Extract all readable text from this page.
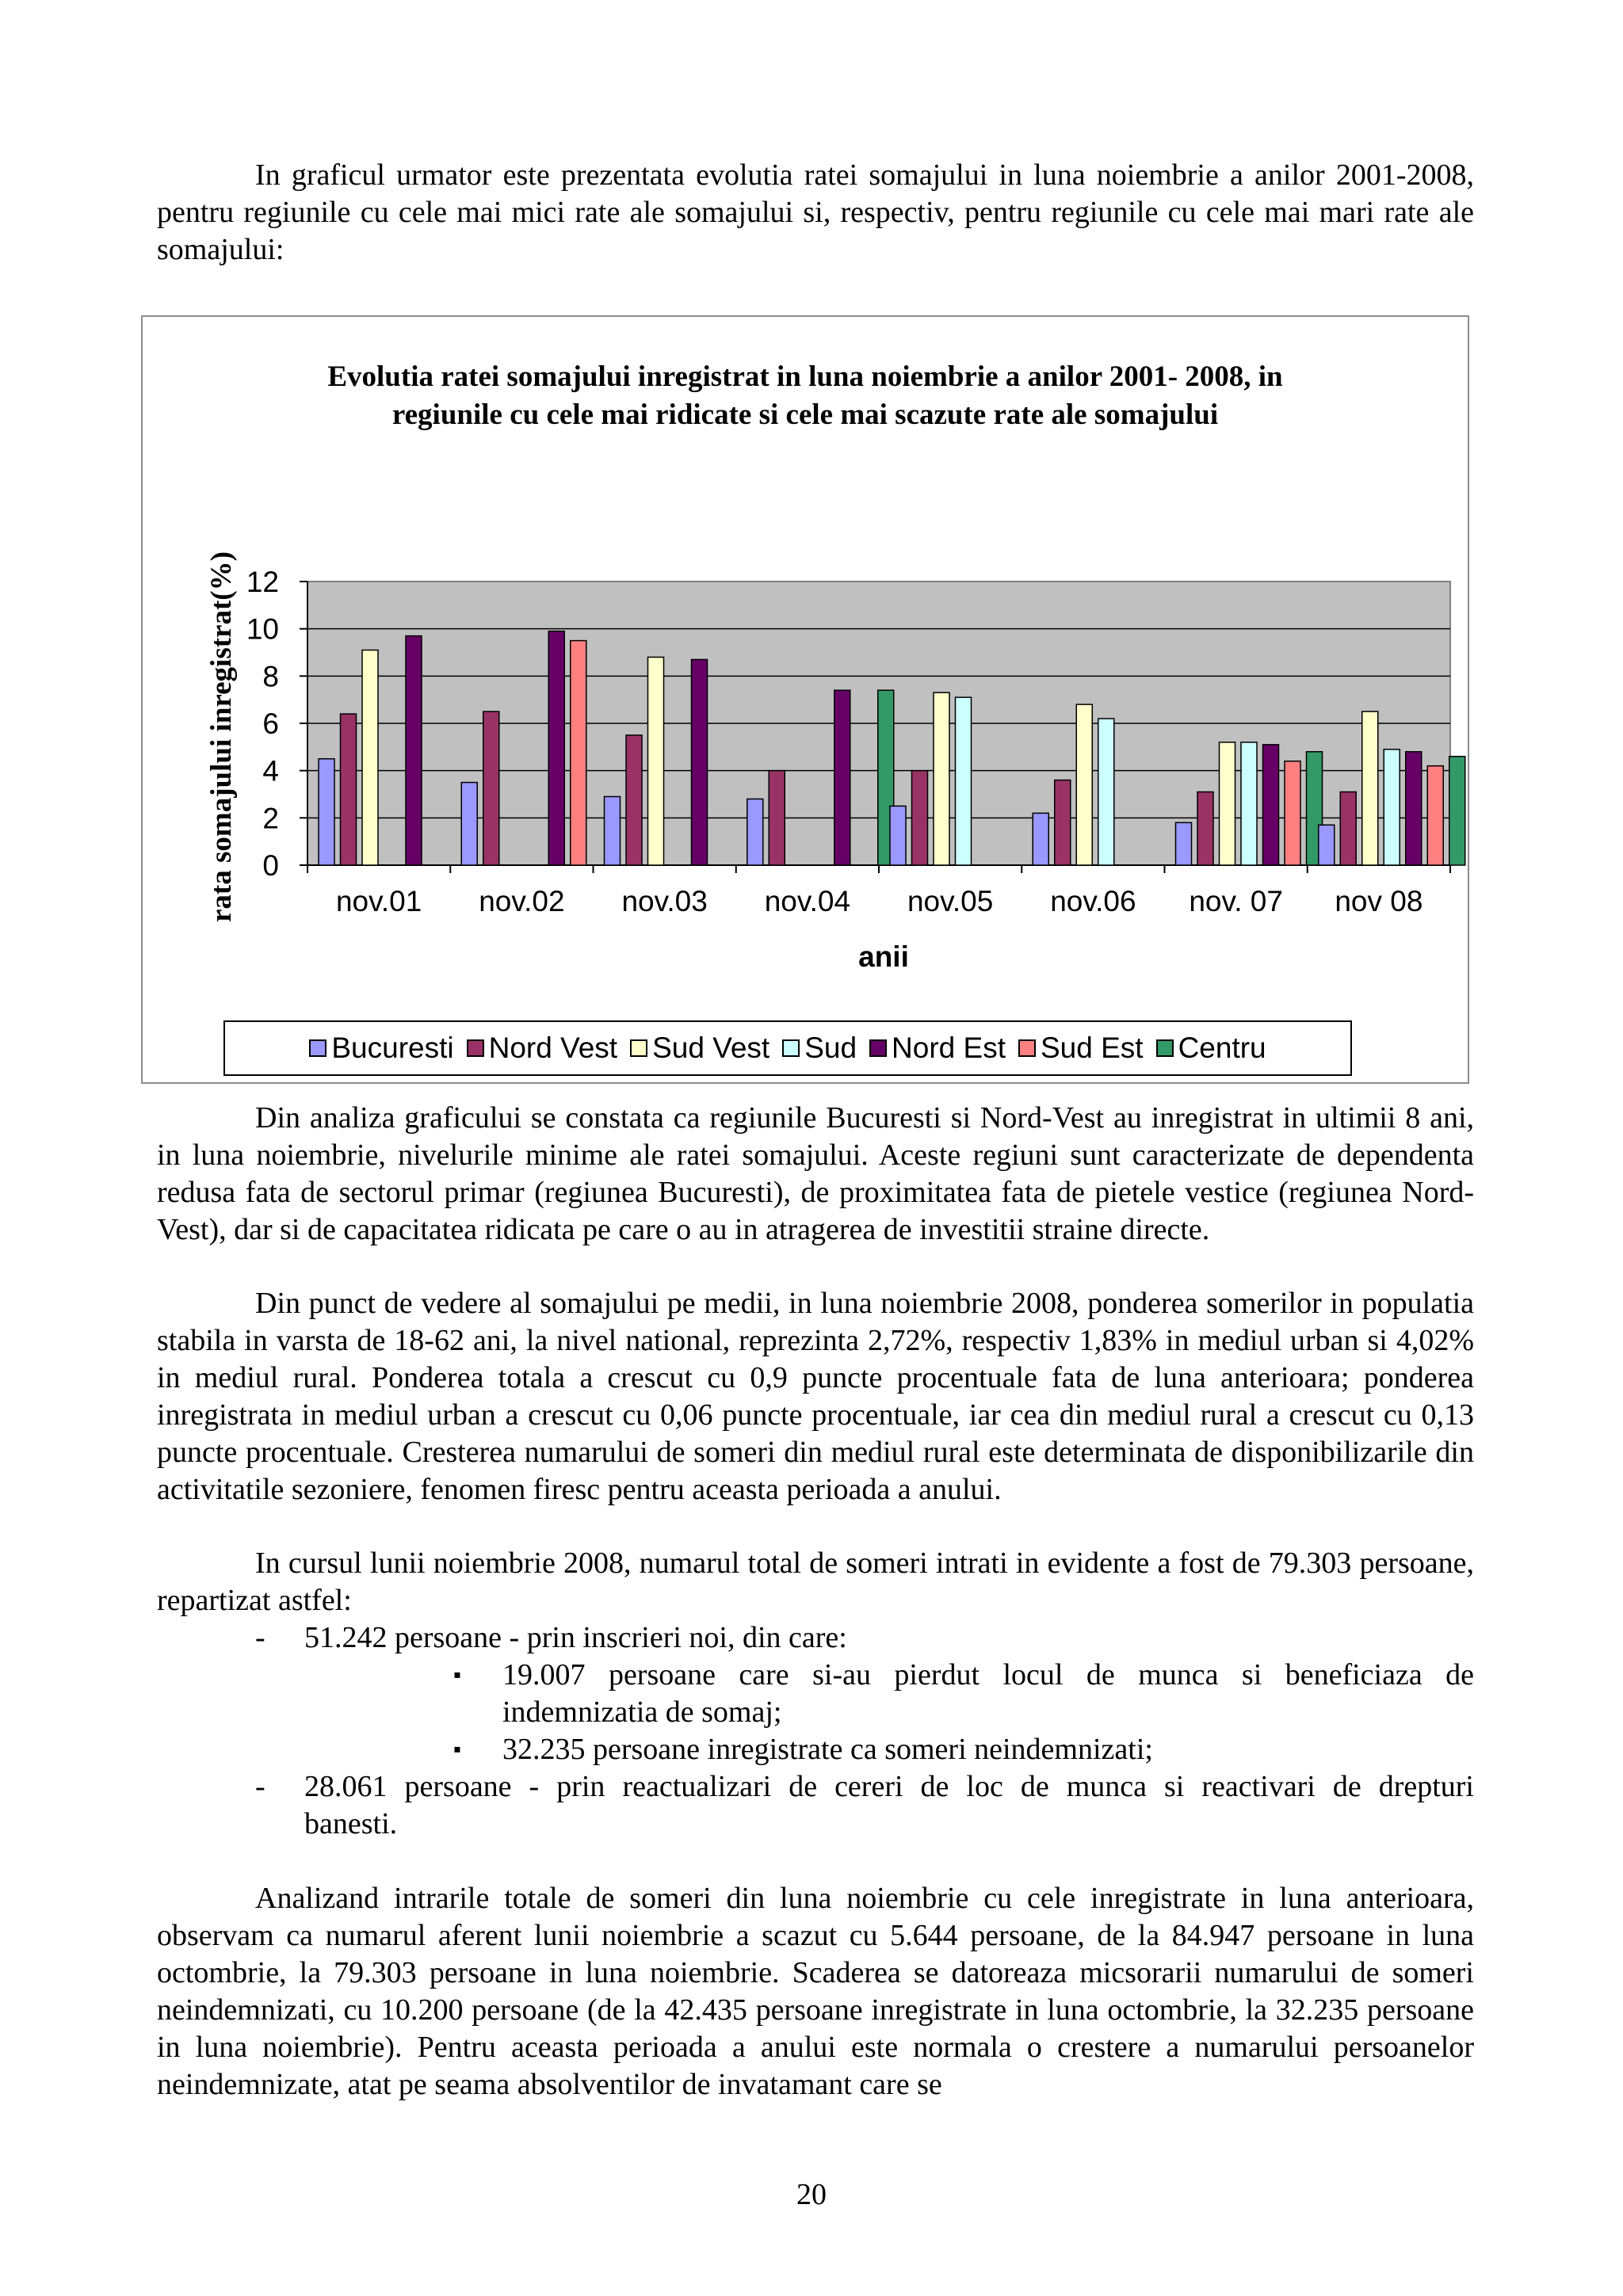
In graficul urmator este prezentata evolutia ratei somajului in luna noiembrie a anilor 2001-2008, pentru regiunile cu cele mai mici rate ale somajului si, respectiv, pentru regiunile cu cele mai mari rate ale somajului:

Evolutia ratei somajului inregistrat in luna noiembrie a anilor 2001- 2008, in
regiunile cu cele mai ridicate si cele mai scazute rate ale somajului
rata somajului inregistrat(%) 0
2
4
6
8
10
12
nov.01 nov.02 nov.03 nov.04 nov.05 nov.06 nov. 07 nov 08
anii
Bucuresti Nord Vest Sud Vest Sud Nord Est Sud Est Centru

Din analiza graficului se constata ca regiunile Bucuresti si Nord-Vest au inregistrat in ultimii 8 ani, in luna noiembrie, nivelurile minime ale ratei somajului. Aceste regiuni sunt caracterizate de dependenta redusa fata de sectorul primar (regiunea Bucuresti), de proximitatea fata de pietele vestice (regiunea Nord-Vest), dar si de capacitatea ridicata pe care o au in atragerea de investitii straine directe.

Din punct de vedere al somajului pe medii, in luna noiembrie 2008, ponderea somerilor in populatia stabila in varsta de 18-62 ani, la nivel national, reprezinta 2,72%, respectiv 1,83% in mediul urban si 4,02% in mediul rural. Ponderea totala a crescut cu 0,9 puncte procentuale fata de luna anterioara; ponderea inregistrata in mediul urban a crescut cu 0,06 puncte procentuale, iar cea din mediul rural a crescut cu 0,13 puncte procentuale. Cresterea numarului de someri din mediul rural este determinata de disponibilizarile din activitatile sezoniere, fenomen firesc pentru aceasta perioada a anului.

In cursul lunii noiembrie 2008, numarul total de someri intrati in evidente a fost de 79.303 persoane, repartizat astfel:

- 51.242 persoane - prin inscrieri noi, din care:
▪ 19.007 persoane care si-au pierdut locul de munca si beneficiaza de
indemnizatia de somaj;
▪ 32.235 persoane inregistrate ca someri neindemnizati;
- 28.061 persoane - prin reactualizari de cereri de loc de munca si reactivari de drepturi
banesti.

Analizand intrarile totale de someri din luna noiembrie cu cele inregistrate in luna anterioara, observam ca numarul aferent lunii noiembrie a scazut cu 5.644 persoane, de la 84.947 persoane in luna octombrie, la 79.303 persoane in luna noiembrie. Scaderea se datoreaza micsorarii numarului de someri neindemnizati, cu 10.200 persoane (de la 42.435 persoane inregistrate in luna octombrie, la 32.235 persoane in luna noiembrie). Pentru aceasta perioada a anului este normala o crestere a numarului persoanelor neindemnizate, atat pe seama absolventilor de invatamant care se

20
